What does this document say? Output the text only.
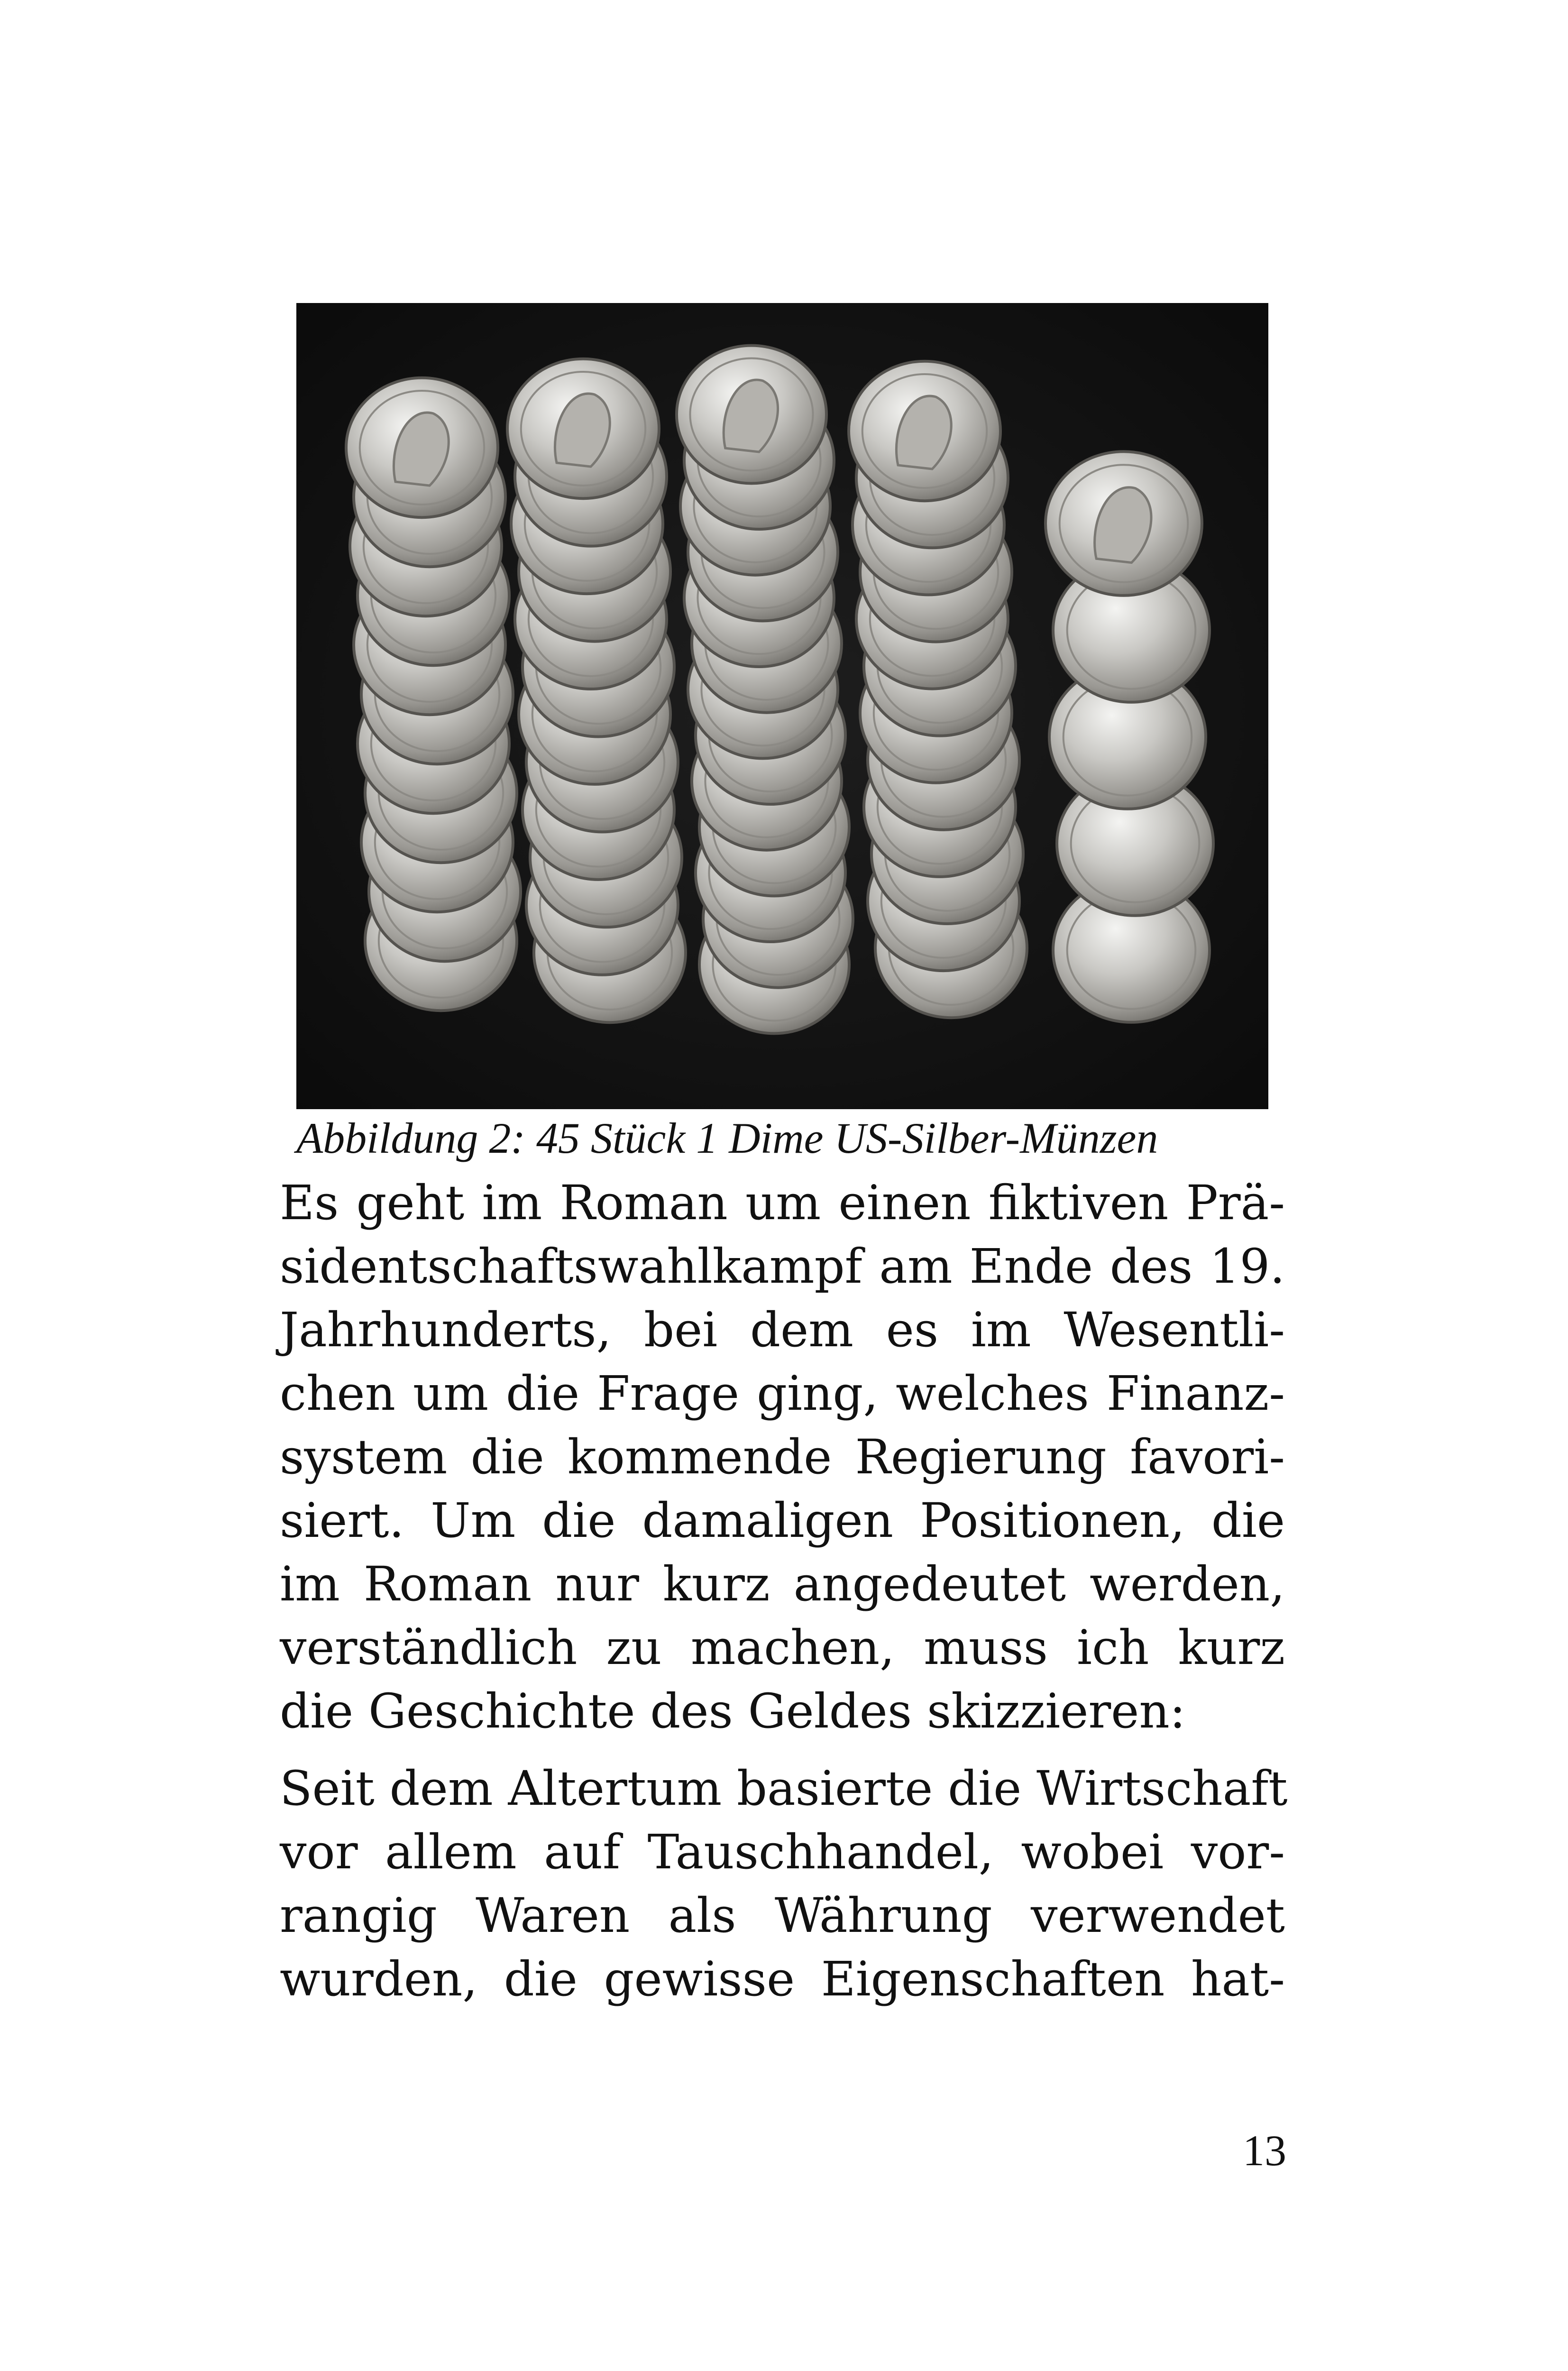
Abbildung 2: 45 Stück 1 Dime US-Silber-Münzen
Es geht im Roman um einen fiktiven Prä-
sidentschaftswahlkampf am Ende des 19.
Jahrhunderts, bei dem es im Wesentli-
chen um die Frage ging, welches Finanz-
system die kommende Regierung favori-
siert. Um die damaligen Positionen, die
im Roman nur kurz angedeutet werden,
verständlich zu machen, muss ich kurz
die Geschichte des Geldes skizzieren:
Seit dem Altertum basierte die Wirtschaft
vor allem auf Tauschhandel, wobei vor-
rangig Waren als Währung verwendet
wurden, die gewisse Eigenschaften hat-
13
